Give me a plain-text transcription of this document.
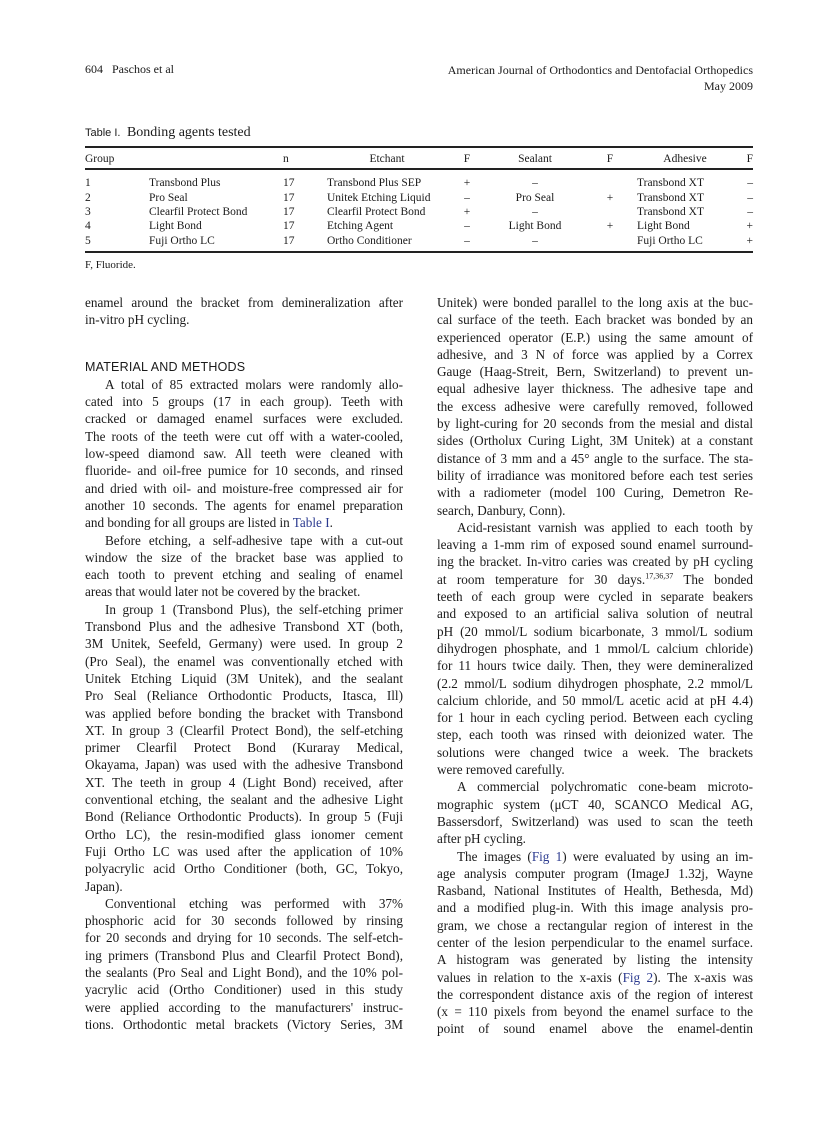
604 Paschos et al	American Journal of Orthodontics and Dentofacial Orthopedics
May 2009
Table I. Bonding agents tested
Group		n	Etchant	F	Sealant	F	Adhesive	F
1	Transbond Plus	17	Transbond Plus SEP	+	–		Transbond XT	–
2	Pro Seal	17	Unitek Etching Liquid	–	Pro Seal	+	Transbond XT	–
3	Clearfil Protect Bond	17	Clearfil Protect Bond	+	–		Transbond XT	–
4	Light Bond	17	Etching Agent	–	Light Bond	+	Light Bond	+
5	Fuji Ortho LC	17	Ortho Conditioner	–	–		Fuji Ortho LC	+
F, Fluoride.
enamel around the bracket from demineralization after
in-vitro pH cycling.
MATERIAL AND METHODS
A total of 85 extracted molars were randomly allo-
cated into 5 groups (17 in each group). Teeth with
cracked or damaged enamel surfaces were excluded.
The roots of the teeth were cut off with a water-cooled,
low-speed diamond saw. All teeth were cleaned with
fluoride- and oil-free pumice for 10 seconds, and rinsed
and dried with oil- and moisture-free compressed air for
another 10 seconds. The agents for enamel preparation
and bonding for all groups are listed in Table I.
Before etching, a self-adhesive tape with a cut-out
window the size of the bracket base was applied to
each tooth to prevent etching and sealing of enamel
areas that would later not be covered by the bracket.
In group 1 (Transbond Plus), the self-etching primer
Transbond Plus and the adhesive Transbond XT (both,
3M Unitek, Seefeld, Germany) were used. In group 2
(Pro Seal), the enamel was conventionally etched with
Unitek Etching Liquid (3M Unitek), and the sealant
Pro Seal (Reliance Orthodontic Products, Itasca, Ill)
was applied before bonding the bracket with Transbond
XT. In group 3 (Clearfil Protect Bond), the self-etching
primer Clearfil Protect Bond (Kuraray Medical,
Okayama, Japan) was used with the adhesive Transbond
XT. The teeth in group 4 (Light Bond) received, after
conventional etching, the sealant and the adhesive Light
Bond (Reliance Orthodontic Products). In group 5 (Fuji
Ortho LC), the resin-modified glass ionomer cement
Fuji Ortho LC was used after the application of 10%
polyacrylic acid Ortho Conditioner (both, GC, Tokyo,
Japan).
Conventional etching was performed with 37%
phosphoric acid for 30 seconds followed by rinsing
for 20 seconds and drying for 10 seconds. The self-etch-
ing primers (Transbond Plus and Clearfil Protect Bond),
the sealants (Pro Seal and Light Bond), and the 10% pol-
yacrylic acid (Ortho Conditioner) used in this study
were applied according to the manufacturers' instruc-
tions. Orthodontic metal brackets (Victory Series, 3M
Unitek) were bonded parallel to the long axis at the buc-
cal surface of the teeth. Each bracket was bonded by an
experienced operator (E.P.) using the same amount of
adhesive, and 3 N of force was applied by a Correx
Gauge (Haag-Streit, Bern, Switzerland) to prevent un-
equal adhesive layer thickness. The adhesive tape and
the excess adhesive were carefully removed, followed
by light-curing for 20 seconds from the mesial and distal
sides (Ortholux Curing Light, 3M Unitek) at a constant
distance of 3 mm and a 45° angle to the surface. The sta-
bility of irradiance was monitored before each test series
with a radiometer (model 100 Curing, Demetron Re-
search, Danbury, Conn).
Acid-resistant varnish was applied to each tooth by
leaving a 1-mm rim of exposed sound enamel surround-
ing the bracket. In-vitro caries was created by pH cycling
at room temperature for 30 days.$^{17,36,37}$ The bonded
teeth of each group were cycled in separate beakers
and exposed to an artificial saliva solution of neutral
pH (20 mmol/L sodium bicarbonate, 3 mmol/L sodium
dihydrogen phosphate, and 1 mmol/L calcium chloride)
for 11 hours twice daily. Then, they were demineralized
(2.2 mmol/L sodium dihydrogen phosphate, 2.2 mmol/L
calcium chloride, and 50 mmol/L acetic acid at pH 4.4)
for 1 hour in each cycling period. Between each cycling
step, each tooth was rinsed with deionized water. The
solutions were changed twice a week. The brackets
were removed carefully.
A commercial polychromatic cone-beam microto-
mographic system (μCT 40, SCANCO Medical AG,
Bassersdorf, Switzerland) was used to scan the teeth
after pH cycling.
The images (Fig 1) were evaluated by using an im-
age analysis computer program (ImageJ 1.32j, Wayne
Rasband, National Institutes of Health, Bethesda, Md)
and a modified plug-in. With this image analysis pro-
gram, we chose a rectangular region of interest in the
center of the lesion perpendicular to the enamel surface.
A histogram was generated by listing the intensity
values in relation to the x-axis (Fig 2). The x-axis was
the correspondent distance axis of the region of interest
(x = 110 pixels from beyond the enamel surface to the
point of sound enamel above the enamel-dentin
